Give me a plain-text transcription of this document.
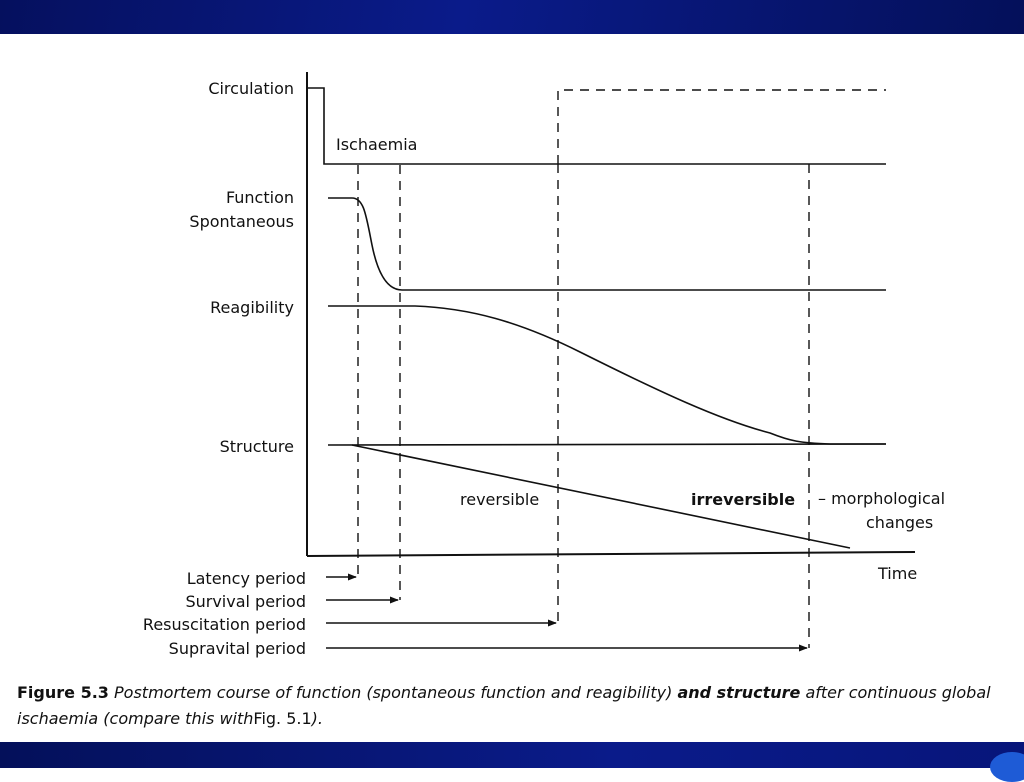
Circulation
Ischaemia
Function
Spontaneous
Reagibility
Structure
reversible	irreversible – morphological
changes
Time
Latency period
Survival period
Resuscitation period
Supravital period
Figure 5.3 Postmortem course of function (spontaneous function and reagibility) and structure after continuous global ischaemia (compare this withFig. 5.1).
